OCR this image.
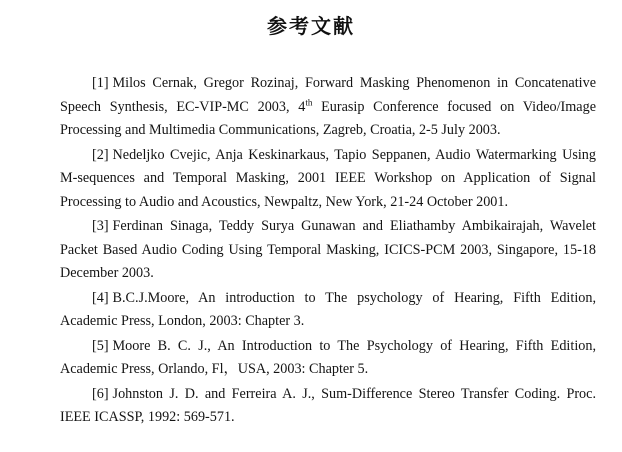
参考文献

[1] Milos Cernak, Gregor Rozinaj, Forward Masking Phenomenon in Concatenative Speech Synthesis, EC-VIP-MC 2003, 4th Eurasip Conference focused on Video/Image Processing and Multimedia Communications, Zagreb, Croatia, 2-5 July 2003.

[2] Nedeljko Cvejic, Anja Keskinarkaus, Tapio Seppanen, Audio Watermarking Using M-sequences and Temporal Masking, 2001 IEEE Workshop on Application of Signal Processing to Audio and Acoustics, Newpaltz, New York, 21-24 October 2001.

[3] Ferdinan Sinaga, Teddy Surya Gunawan and Eliathamby Ambikairajah, Wavelet Packet Based Audio Coding Using Temporal Masking, ICICS-PCM 2003, Singapore, 15-18 December 2003.

[4] B.C.J.Moore, An introduction to The psychology of Hearing, Fifth Edition, Academic Press, London, 2003: Chapter 3.

[5] Moore B. C. J., An Introduction to The Psychology of Hearing, Fifth Edition, Academic Press, Orlando, Fl，USA, 2003: Chapter 5.

[6] Johnston J. D. and Ferreira A. J., Sum-Difference Stereo Transfer Coding. Proc. IEEE ICASSP, 1992: 569-571.
